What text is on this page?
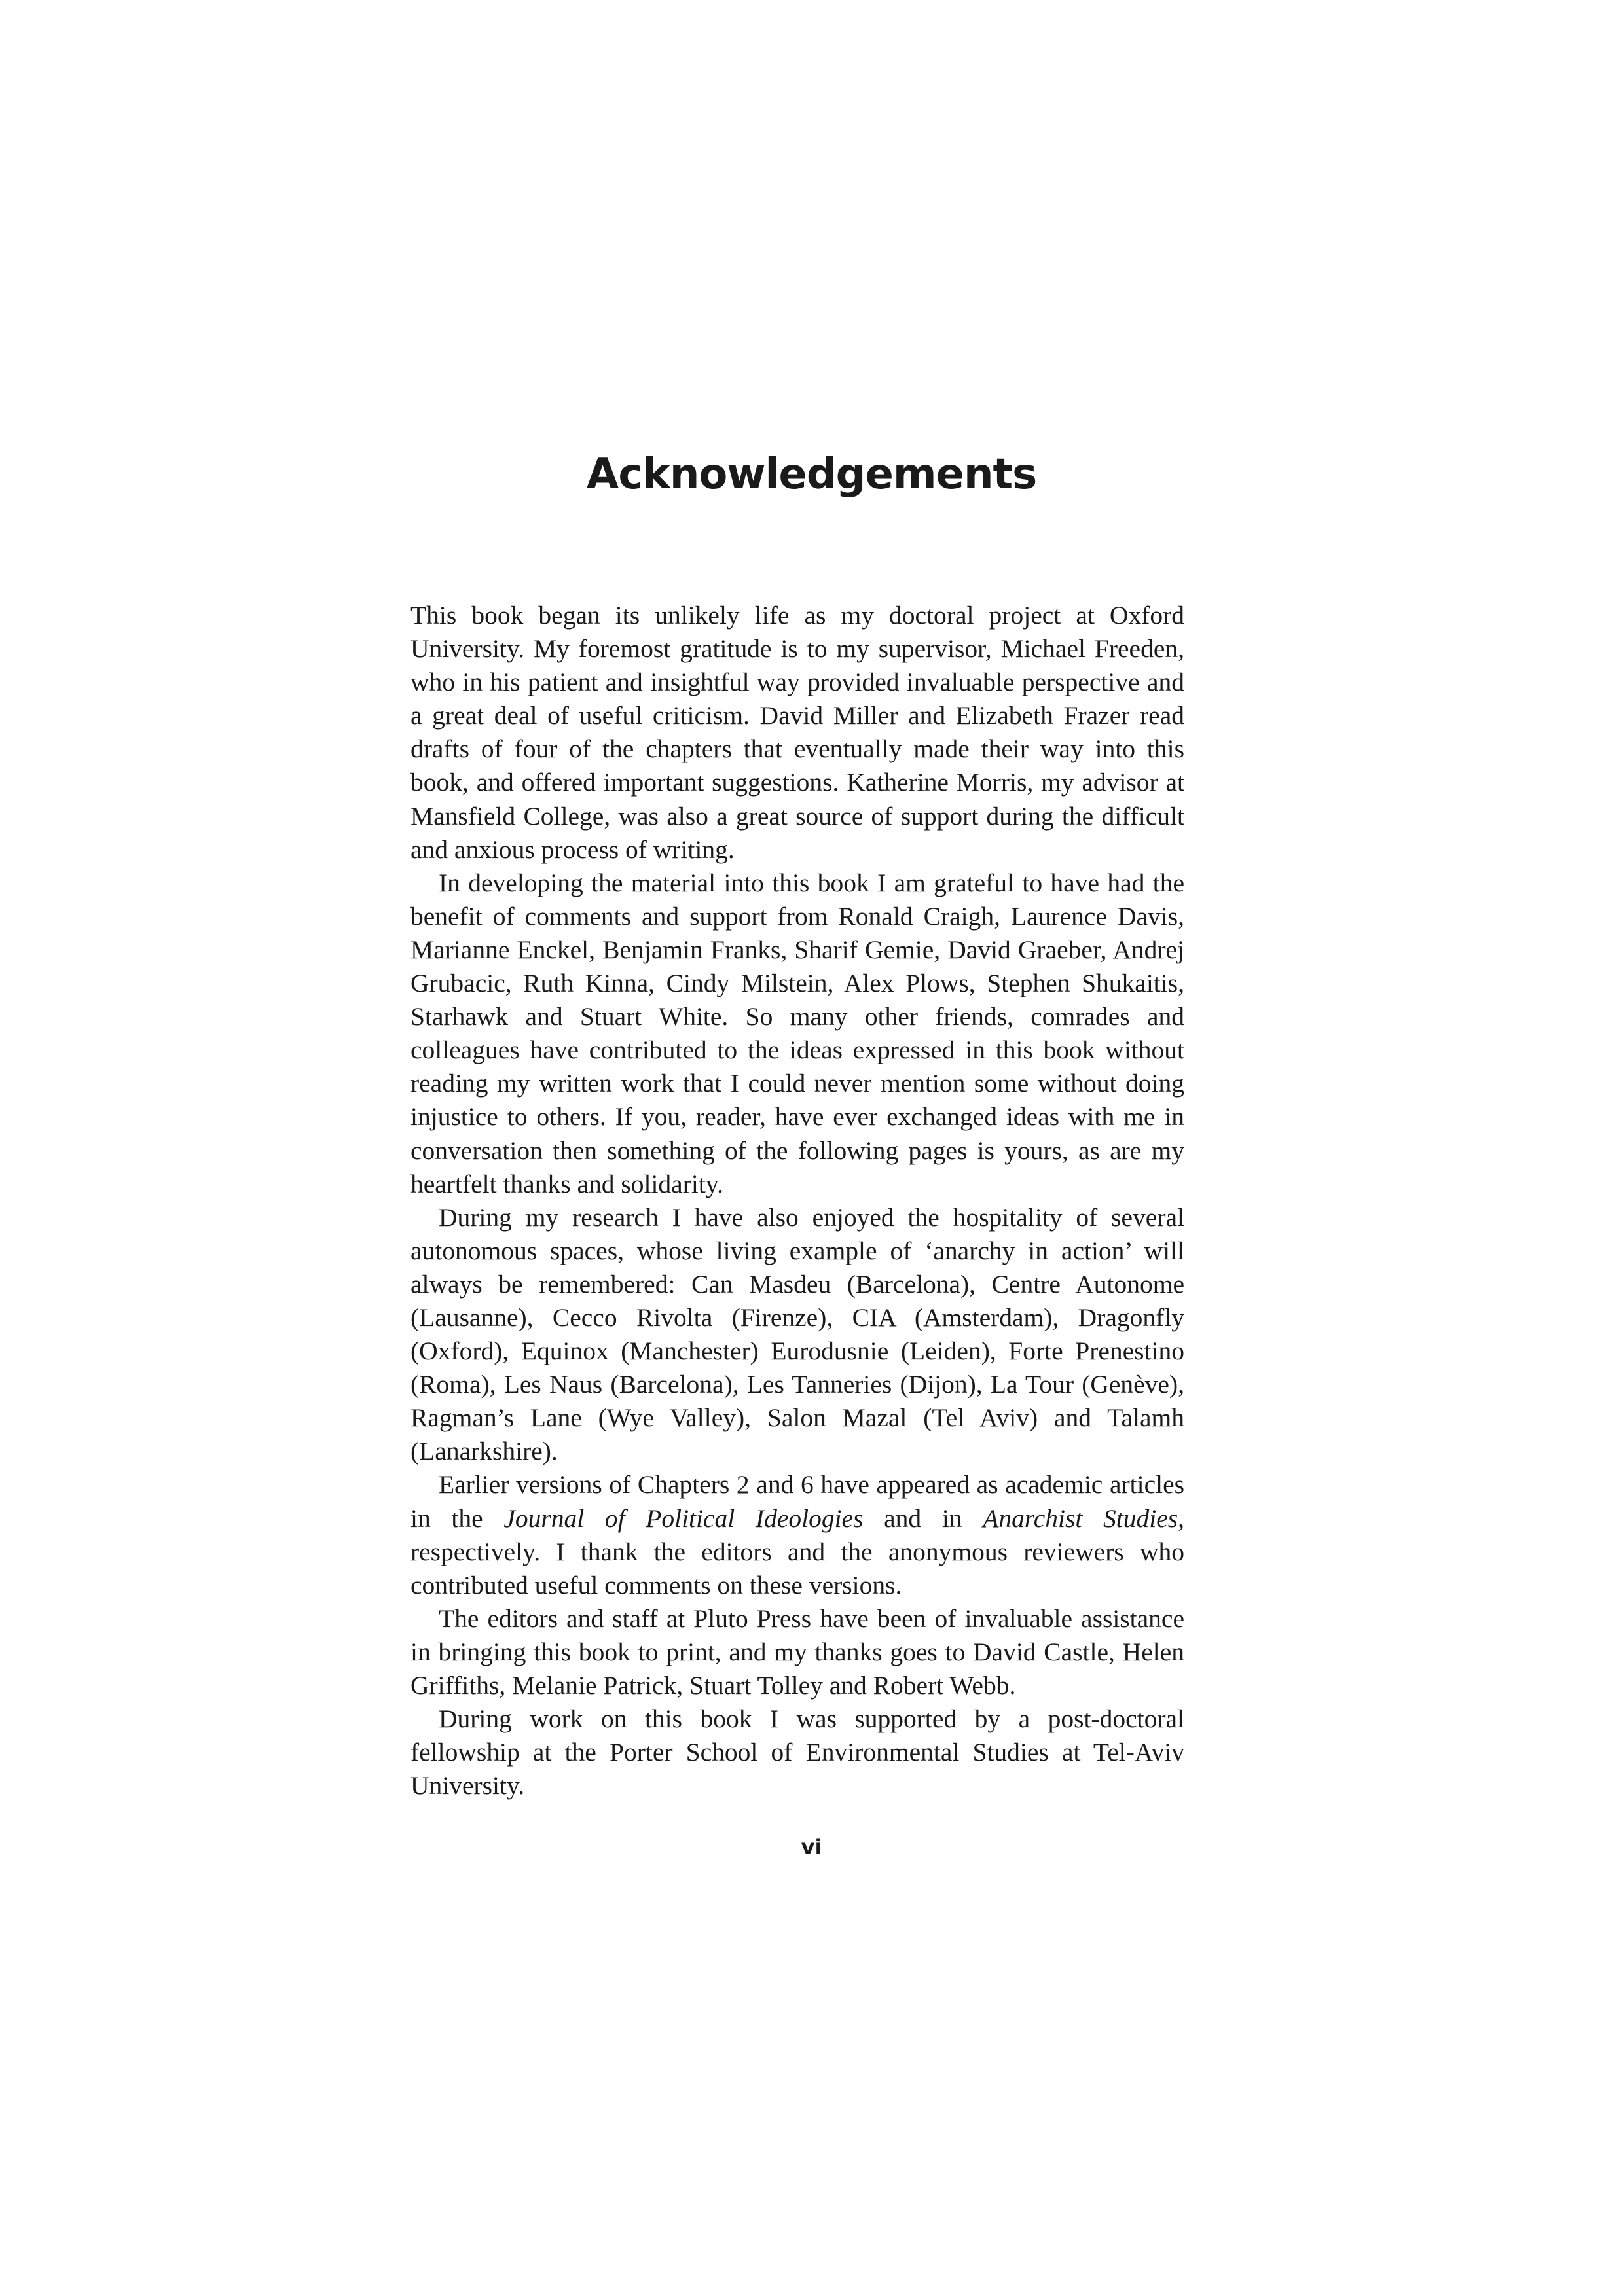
Acknowledgements

This book began its unlikely life as my doctoral project at Oxford University. My foremost gratitude is to my supervisor, Michael Freeden, who in his patient and insightful way provided invaluable perspective and a great deal of useful criticism. David Miller and Elizabeth Frazer read drafts of four of the chapters that eventually made their way into this book, and offered important suggestions. Katherine Morris, my advisor at Mansfield College, was also a great source of support during the difficult and anxious process of writing.

In developing the material into this book I am grateful to have had the benefit of comments and support from Ronald Craigh, Laurence Davis, Marianne Enckel, Benjamin Franks, Sharif Gemie, David Graeber, Andrej Grubacic, Ruth Kinna, Cindy Milstein, Alex Plows, Stephen Shukaitis, Starhawk and Stuart White. So many other friends, comrades and colleagues have contributed to the ideas expressed in this book without reading my written work that I could never mention some without doing injustice to others. If you, reader, have ever exchanged ideas with me in conversation then something of the following pages is yours, as are my heartfelt thanks and solidarity.

During my research I have also enjoyed the hospitality of several autonomous spaces, whose living example of ‘anarchy in action’ will always be remembered: Can Masdeu (Barcelona), Centre Autonome (Lausanne), Cecco Rivolta (Firenze), CIA (Amsterdam), Dragonfly (Oxford), Equinox (Manchester) Eurodusnie (Leiden), Forte Prenestino (Roma), Les Naus (Barcelona), Les Tanneries (Dijon), La Tour (Genève), Ragman’s Lane (Wye Valley), Salon Mazal (Tel Aviv) and Talamh (Lanarkshire).

Earlier versions of Chapters 2 and 6 have appeared as academic articles in the Journal of Political Ideologies and in Anarchist Studies, respectively. I thank the editors and the anonymous reviewers who contributed useful comments on these versions.

The editors and staff at Pluto Press have been of invaluable assistance in bringing this book to print, and my thanks goes to David Castle, Helen Griffiths, Melanie Patrick, Stuart Tolley and Robert Webb.

During work on this book I was supported by a post-doctoral fellowship at the Porter School of Environmental Studies at Tel-Aviv University.

vi
